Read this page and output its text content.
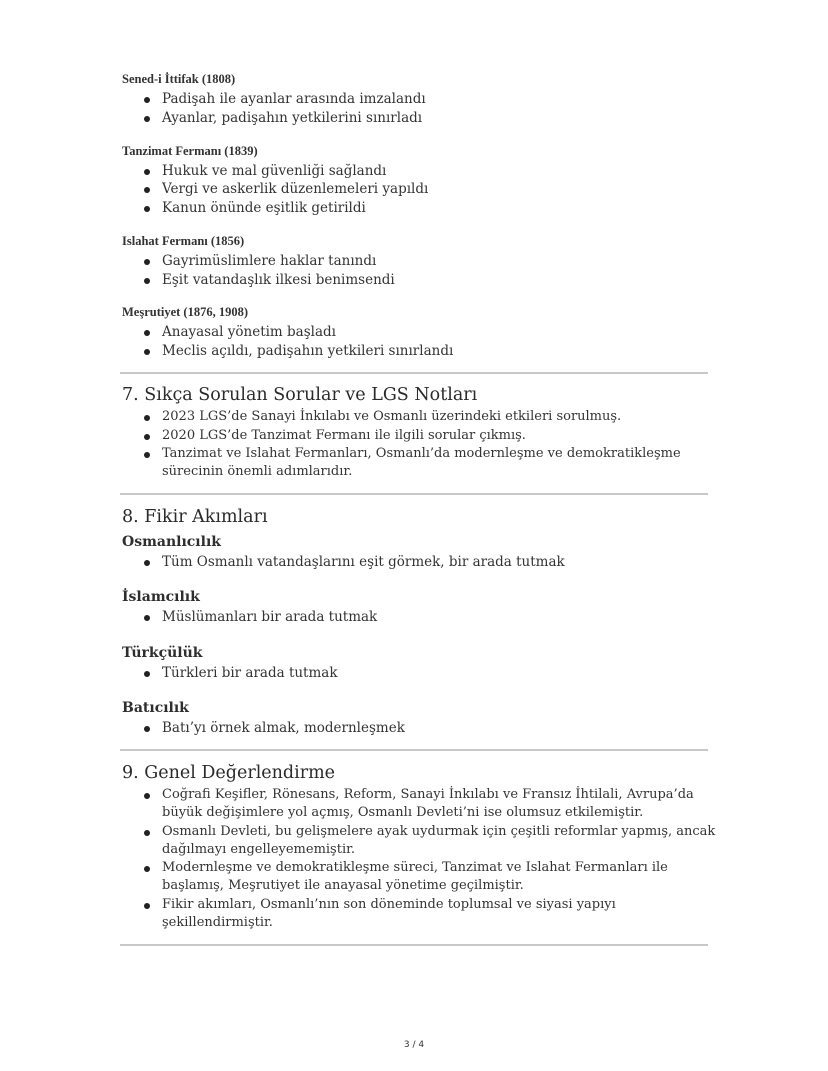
Sened-i İttifak (1808)
Padişah ile ayanlar arasında imzalandı
Ayanlar, padişahın yetkilerini sınırladı
Tanzimat Fermanı (1839)
Hukuk ve mal güvenliği sağlandı
Vergi ve askerlik düzenlemeleri yapıldı
Kanun önünde eşitlik getirildi
Islahat Fermanı (1856)
Gayrimüslimlere haklar tanındı
Eşit vatandaşlık ilkesi benimsendi
Meşrutiyet (1876, 1908)
Anayasal yönetim başladı
Meclis açıldı, padişahın yetkileri sınırlandı
7. Sıkça Sorulan Sorular ve LGS Notları
2023 LGS’de Sanayi İnkılabı ve Osmanlı üzerindeki etkileri sorulmuş.
2020 LGS’de Tanzimat Fermanı ile ilgili sorular çıkmış.
Tanzimat ve Islahat Fermanları, Osmanlı’da modernleşme ve demokratikleşme
sürecinin önemli adımlarıdır.
8. Fikir Akımları
Osmanlıcılık
Tüm Osmanlı vatandaşlarını eşit görmek, bir arada tutmak
İslamcılık
Müslümanları bir arada tutmak
Türkçülük
Türkleri bir arada tutmak
Batıcılık
Batı’yı örnek almak, modernleşmek
9. Genel Değerlendirme
Coğrafi Keşifler, Rönesans, Reform, Sanayi İnkılabı ve Fransız İhtilali, Avrupa’da
büyük değişimlere yol açmış, Osmanlı Devleti’ni ise olumsuz etkilemiştir.
Osmanlı Devleti, bu gelişmelere ayak uydurmak için çeşitli reformlar yapmış, ancak
dağılmayı engelleyememiştir.
Modernleşme ve demokratikleşme süreci, Tanzimat ve Islahat Fermanları ile
başlamış, Meşrutiyet ile anayasal yönetime geçilmiştir.
Fikir akımları, Osmanlı’nın son döneminde toplumsal ve siyasi yapıyı
şekillendirmiştir.
3 / 4
